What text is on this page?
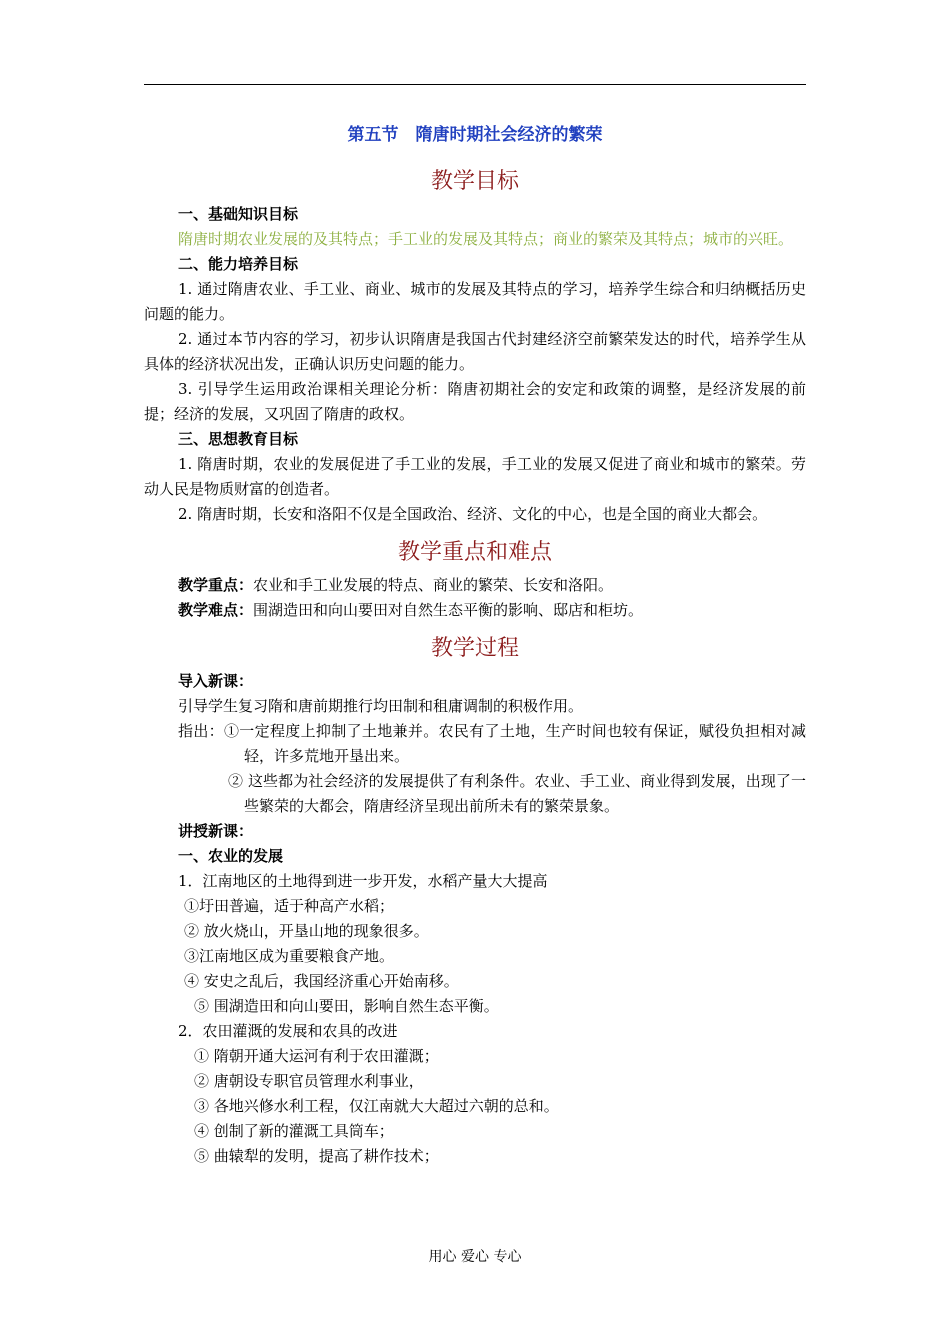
第五节　隋唐时期社会经济的繁荣
教学目标
一、基础知识目标
隋唐时期农业发展的及其特点；手工业的发展及其特点；商业的繁荣及其特点；城市的兴旺。
二、能力培养目标
1. 通过隋唐农业、手工业、商业、城市的发展及其特点的学习，培养学生综合和归纳概括历史问题的能力。
2. 通过本节内容的学习，初步认识隋唐是我国古代封建经济空前繁荣发达的时代，培养学生从具体的经济状况出发，正确认识历史问题的能力。
3. 引导学生运用政治课相关理论分析：隋唐初期社会的安定和政策的调整，是经济发展的前提；经济的发展，又巩固了隋唐的政权。
三、思想教育目标
1. 隋唐时期，农业的发展促进了手工业的发展，手工业的发展又促进了商业和城市的繁荣。劳动人民是物质财富的创造者。
2. 隋唐时期，长安和洛阳不仅是全国政治、经济、文化的中心，也是全国的商业大都会。
教学重点和难点
教学重点：农业和手工业发展的特点、商业的繁荣、长安和洛阳。
教学难点：围湖造田和向山要田对自然生态平衡的影响、邸店和柜坊。
教学过程
导入新课：
引导学生复习隋和唐前期推行均田制和租庸调制的积极作用。
指出：①一定程度上抑制了土地兼并。农民有了土地，生产时间也较有保证，赋役负担相对减轻，许多荒地开垦出来。
② 这些都为社会经济的发展提供了有利条件。农业、手工业、商业得到发展，出现了一些繁荣的大都会，隋唐经济呈现出前所未有的繁荣景象。
讲授新课：
一、农业的发展
1．江南地区的土地得到进一步开发，水稻产量大大提高
①圩田普遍，适于种高产水稻；
② 放火烧山，开垦山地的现象很多。
③江南地区成为重要粮食产地。
④ 安史之乱后，我国经济重心开始南移。
⑤ 围湖造田和向山要田，影响自然生态平衡。
2．农田灌溉的发展和农具的改进
① 隋朝开通大运河有利于农田灌溉；
② 唐朝设专职官员管理水利事业，
③ 各地兴修水利工程，仅江南就大大超过六朝的总和。
④ 创制了新的灌溉工具筒车；
⑤ 曲辕犁的发明，提高了耕作技术；
用心 爱心 专心
